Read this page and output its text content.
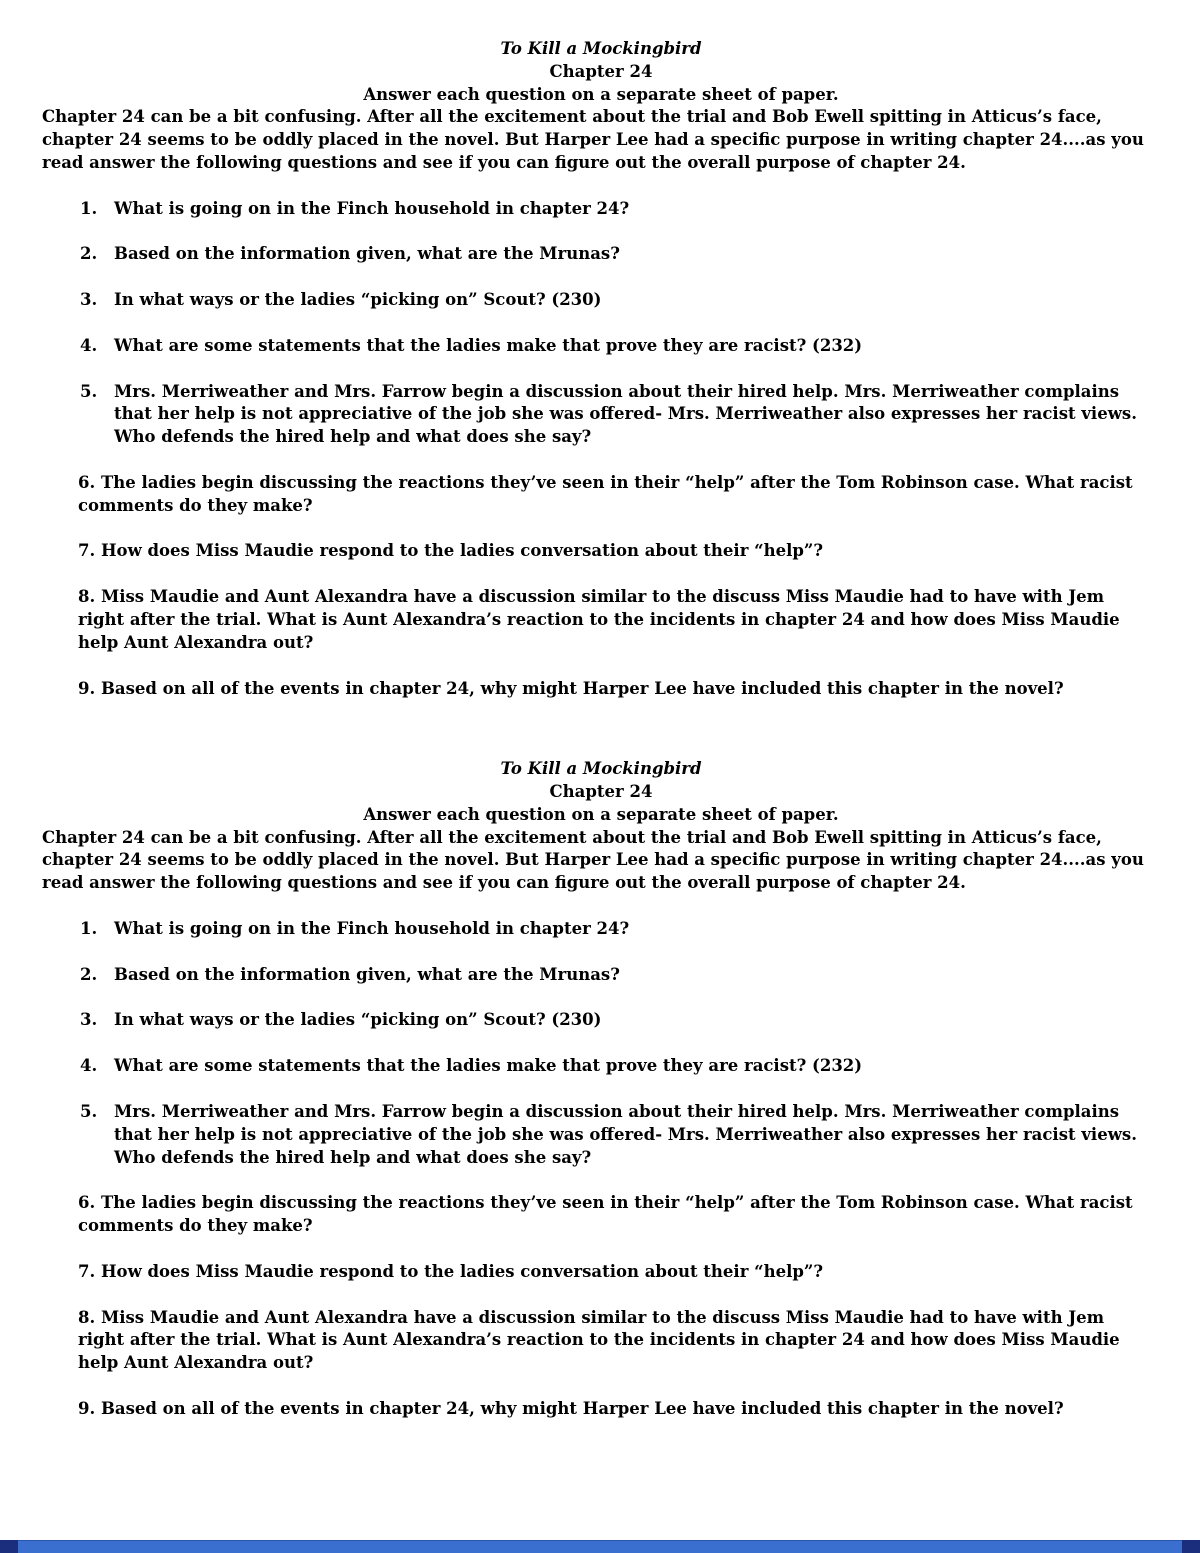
To Kill a Mockingbird
Chapter 24
Answer each question on a separate sheet of paper.

Chapter 24 can be a bit confusing. After all the excitement about the trial and Bob Ewell spitting in Atticus’s face, chapter 24 seems to be oddly placed in the novel. But Harper Lee had a specific purpose in writing chapter 24....as you read answer the following questions and see if you can figure out the overall purpose of chapter 24.

1.	What is going on in the Finch household in chapter 24?
2.	Based on the information given, what are the Mrunas?
3.	In what ways or the ladies “picking on” Scout? (230)
4.	What are some statements that the ladies make that prove they are racist? (232)
5.	Mrs. Merriweather and Mrs. Farrow begin a discussion about their hired help. Mrs. Merriweather complains that her help is not appreciative of the job she was offered- Mrs. Merriweather also expresses her racist views. Who defends the hired help and what does she say?

6. The ladies begin discussing the reactions they’ve seen in their “help” after the Tom Robinson case. What racist comments do they make?

7. How does Miss Maudie respond to the ladies conversation about their “help”?

8. Miss Maudie and Aunt Alexandra have a discussion similar to the discuss Miss Maudie had to have with Jem right after the trial. What is Aunt Alexandra’s reaction to the incidents in chapter 24 and how does Miss Maudie help Aunt Alexandra out?

9. Based on all of the events in chapter 24, why might Harper Lee have included this chapter in the novel?

To Kill a Mockingbird
Chapter 24
Answer each question on a separate sheet of paper.

Chapter 24 can be a bit confusing. After all the excitement about the trial and Bob Ewell spitting in Atticus’s face, chapter 24 seems to be oddly placed in the novel. But Harper Lee had a specific purpose in writing chapter 24....as you read answer the following questions and see if you can figure out the overall purpose of chapter 24.

1.	What is going on in the Finch household in chapter 24?
2.	Based on the information given, what are the Mrunas?
3.	In what ways or the ladies “picking on” Scout? (230)
4.	What are some statements that the ladies make that prove they are racist? (232)
5.	Mrs. Merriweather and Mrs. Farrow begin a discussion about their hired help. Mrs. Merriweather complains that her help is not appreciative of the job she was offered- Mrs. Merriweather also expresses her racist views. Who defends the hired help and what does she say?

6. The ladies begin discussing the reactions they’ve seen in their “help” after the Tom Robinson case. What racist comments do they make?

7. How does Miss Maudie respond to the ladies conversation about their “help”?

8. Miss Maudie and Aunt Alexandra have a discussion similar to the discuss Miss Maudie had to have with Jem right after the trial. What is Aunt Alexandra’s reaction to the incidents in chapter 24 and how does Miss Maudie help Aunt Alexandra out?

9. Based on all of the events in chapter 24, why might Harper Lee have included this chapter in the novel?
